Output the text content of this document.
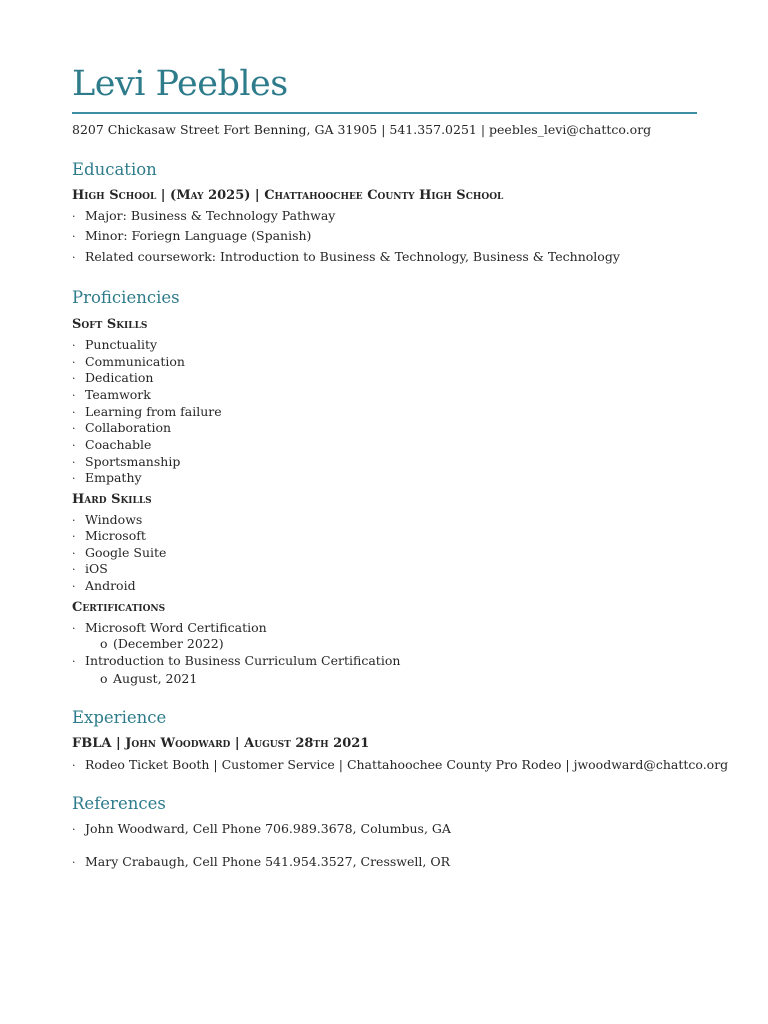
Levi Peebles
8207 Chickasaw Street Fort Benning, GA 31905 | 541.357.0251 | peebles_levi@chattco.org
Education
High School | (May 2025) | Chattahoochee County High School
· Major: Business & Technology Pathway
· Minor: Foriegn Language (Spanish)
· Related coursework: Introduction to Business & Technology, Business & Technology
Proficiencies
Soft Skills
· Punctuality
· Communication
· Dedication
· Teamwork
· Learning from failure
· Collaboration
· Coachable
· Sportsmanship
· Empathy
Hard Skills
· Windows
· Microsoft
· Google Suite
· iOS
· Android
Certifications
· Microsoft Word Certification
o (December 2022)
· Introduction to Business Curriculum Certification
o August, 2021
Experience
FBLA | John Woodward | August 28th 2021
· Rodeo Ticket Booth | Customer Service | Chattahoochee County Pro Rodeo | jwoodward@chattco.org
References
· John Woodward, Cell Phone 706.989.3678, Columbus, GA
· Mary Crabaugh, Cell Phone 541.954.3527, Cresswell, OR
